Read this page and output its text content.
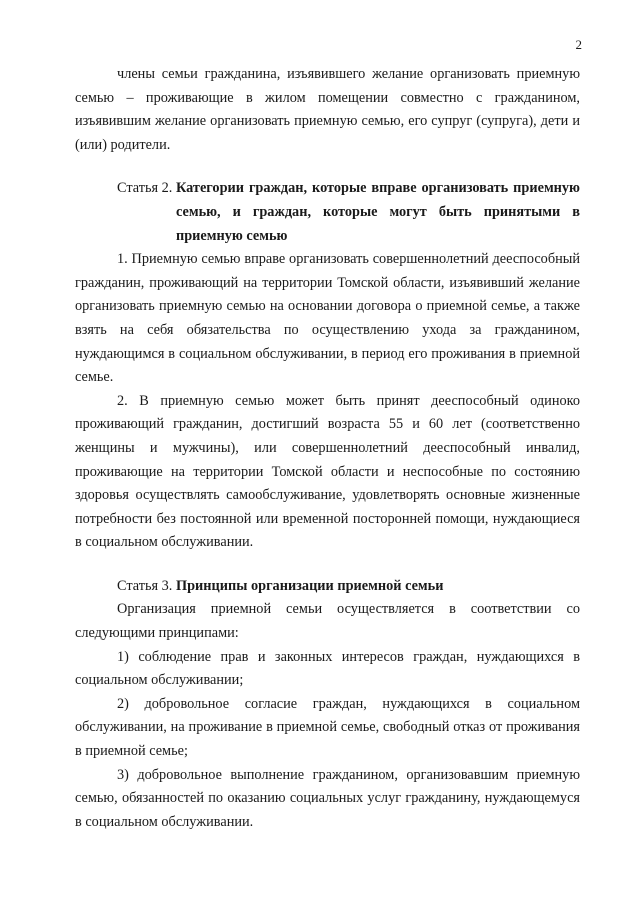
2

члены семьи гражданина, изъявившего желание организовать приемную семью – проживающие в жилом помещении совместно с гражданином, изъявившим желание организовать приемную семью, его супруг (супруга), дети и (или) родители.

Статья 2. Категории граждан, которые вправе организовать приемную семью, и граждан, которые могут быть принятыми в приемную семью

1. Приемную семью вправе организовать совершеннолетний дееспособный гражданин, проживающий на территории Томской области, изъявивший желание организовать приемную семью на основании договора о приемной семье, а также взять на себя обязательства по осуществлению ухода за гражданином, нуждающимся в социальном обслуживании, в период его проживания в приемной семье.

2. В приемную семью может быть принят дееспособный одиноко проживающий гражданин, достигший возраста 55 и 60 лет (соответственно женщины и мужчины), или совершеннолетний дееспособный инвалид, проживающие на территории Томской области и неспособные по состоянию здоровья осуществлять самообслуживание, удовлетворять основные жизненные потребности без постоянной или временной посторонней помощи, нуждающиеся в социальном обслуживании.

Статья 3. Принципы организации приемной семьи

Организация приемной семьи осуществляется в соответствии со следующими принципами:

1) соблюдение прав и законных интересов граждан, нуждающихся в социальном обслуживании;

2) добровольное согласие граждан, нуждающихся в социальном обслуживании, на проживание в приемной семье, свободный отказ от проживания в приемной семье;

3) добровольное выполнение гражданином, организовавшим приемную семью, обязанностей по оказанию социальных услуг гражданину, нуждающемуся в социальном обслуживании.
